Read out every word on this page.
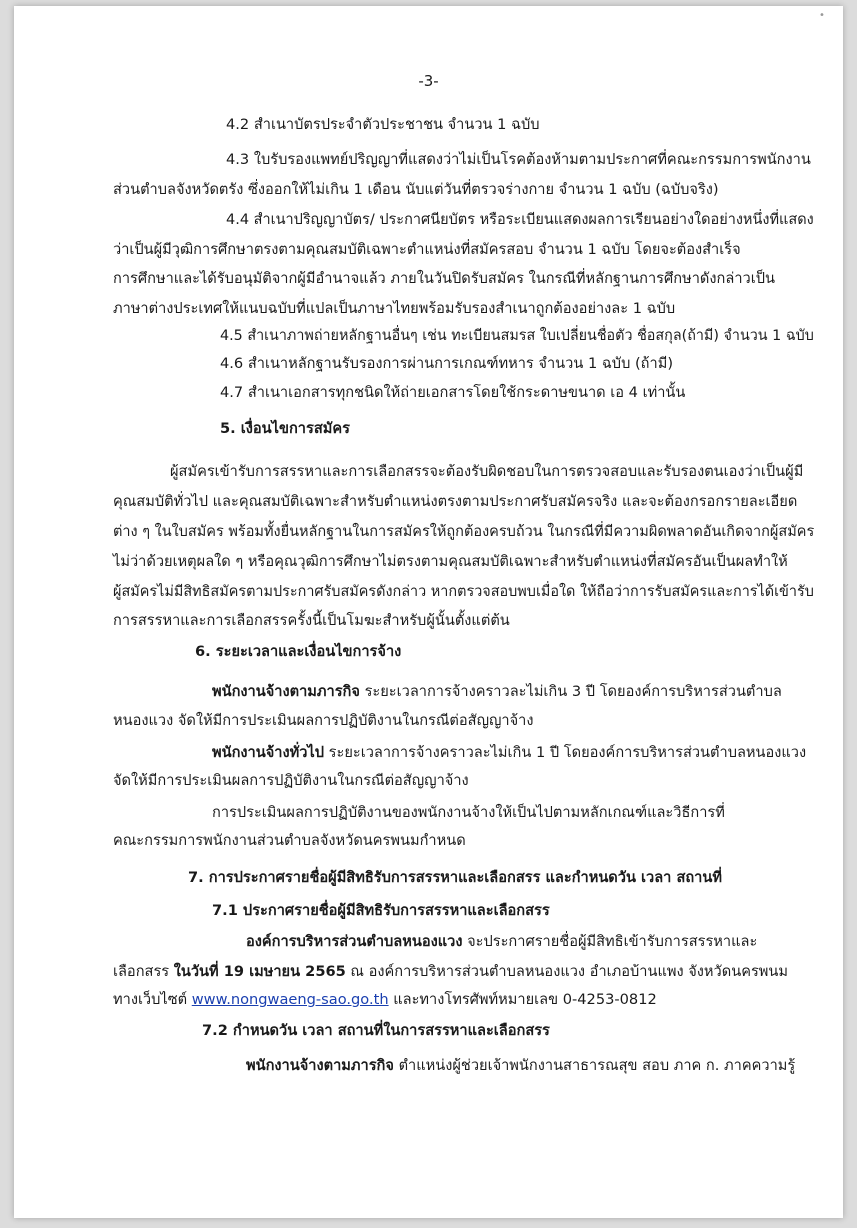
•
-3-
4.2 สำเนาบัตรประจำตัวประชาชน จำนวน 1 ฉบับ
4.3 ใบรับรองแพทย์ปริญญาที่แสดงว่าไม่เป็นโรคต้องห้ามตามประกาศที่คณะกรรมการพนักงาน
ส่วนตำบลจังหวัดตรัง ซึ่งออกให้ไม่เกิน 1 เดือน นับแต่วันที่ตรวจร่างกาย จำนวน 1 ฉบับ (ฉบับจริง)
4.4 สำเนาปริญญาบัตร/ ประกาศนียบัตร หรือระเบียนแสดงผลการเรียนอย่างใดอย่างหนึ่งที่แสดง
ว่าเป็นผู้มีวุฒิการศึกษาตรงตามคุณสมบัติเฉพาะตำแหน่งที่สมัครสอบ จำนวน 1 ฉบับ โดยจะต้องสำเร็จ
การศึกษาและได้รับอนุมัติจากผู้มีอำนาจแล้ว ภายในวันปิดรับสมัคร ในกรณีที่หลักฐานการศึกษาดังกล่าวเป็น
ภาษาต่างประเทศให้แนบฉบับที่แปลเป็นภาษาไทยพร้อมรับรองสำเนาถูกต้องอย่างละ 1 ฉบับ
4.5 สำเนาภาพถ่ายหลักฐานอื่นๆ เช่น ทะเบียนสมรส ใบเปลี่ยนชื่อตัว ชื่อสกุล(ถ้ามี) จำนวน 1 ฉบับ
4.6 สำเนาหลักฐานรับรองการผ่านการเกณฑ์ทหาร จำนวน 1 ฉบับ (ถ้ามี)
4.7 สำเนาเอกสารทุกชนิดให้ถ่ายเอกสารโดยใช้กระดาษขนาด เอ 4 เท่านั้น
5. เงื่อนไขการสมัคร
ผู้สมัครเข้ารับการสรรหาและการเลือกสรรจะต้องรับผิดชอบในการตรวจสอบและรับรองตนเองว่าเป็นผู้มี
คุณสมบัติทั่วไป และคุณสมบัติเฉพาะสำหรับตำแหน่งตรงตามประกาศรับสมัครจริง และจะต้องกรอกรายละเอียด
ต่าง ๆ ในใบสมัคร พร้อมทั้งยื่นหลักฐานในการสมัครให้ถูกต้องครบถ้วน ในกรณีที่มีความผิดพลาดอันเกิดจากผู้สมัคร
ไม่ว่าด้วยเหตุผลใด ๆ หรือคุณวุฒิการศึกษาไม่ตรงตามคุณสมบัติเฉพาะสำหรับตำแหน่งที่สมัครอันเป็นผลทำให้
ผู้สมัครไม่มีสิทธิสมัครตามประกาศรับสมัครดังกล่าว หากตรวจสอบพบเมื่อใด ให้ถือว่าการรับสมัครและการได้เข้ารับ
การสรรหาและการเลือกสรรครั้งนี้เป็นโมฆะสำหรับผู้นั้นตั้งแต่ต้น
6. ระยะเวลาและเงื่อนไขการจ้าง
พนักงานจ้างตามภารกิจ ระยะเวลาการจ้างคราวละไม่เกิน 3 ปี โดยองค์การบริหารส่วนตำบล
หนองแวง จัดให้มีการประเมินผลการปฏิบัติงานในกรณีต่อสัญญาจ้าง
พนักงานจ้างทั่วไป ระยะเวลาการจ้างคราวละไม่เกิน 1 ปี โดยองค์การบริหารส่วนตำบลหนองแวง
จัดให้มีการประเมินผลการปฏิบัติงานในกรณีต่อสัญญาจ้าง
การประเมินผลการปฏิบัติงานของพนักงานจ้างให้เป็นไปตามหลักเกณฑ์และวิธีการที่
คณะกรรมการพนักงานส่วนตำบลจังหวัดนครพนมกำหนด
7. การประกาศรายชื่อผู้มีสิทธิรับการสรรหาและเลือกสรร และกำหนดวัน เวลา สถานที่
7.1 ประกาศรายชื่อผู้มีสิทธิรับการสรรหาและเลือกสรร
องค์การบริหารส่วนตำบลหนองแวง จะประกาศรายชื่อผู้มีสิทธิเข้ารับการสรรหาและ
เลือกสรร ในวันที่ 19 เมษายน 2565 ณ องค์การบริหารส่วนตำบลหนองแวง อำเภอบ้านแพง จังหวัดนครพนม
ทางเว็บไซต์ www.nongwaeng-sao.go.th และทางโทรศัพท์หมายเลข 0-4253-0812
7.2 กำหนดวัน เวลา สถานที่ในการสรรหาและเลือกสรร
พนักงานจ้างตามภารกิจ ตำแหน่งผู้ช่วยเจ้าพนักงานสาธารณสุข สอบ ภาค ก. ภาคความรู้
